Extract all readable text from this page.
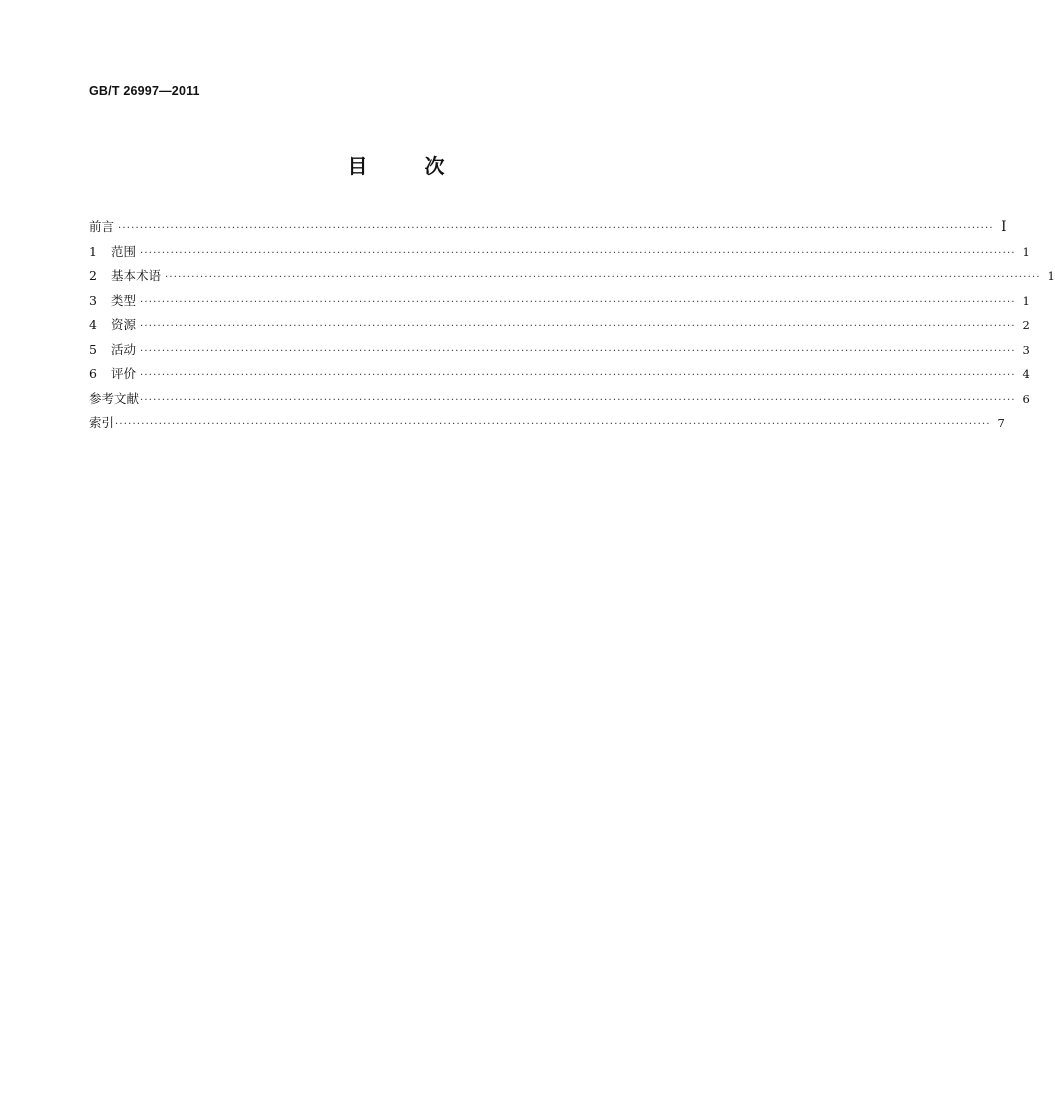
GB/T 26997—2011
目	次
前言 ········································································································································································································ I
1	范围 ········································································································································································································ 1
2	基本术语 ········································································································································································································ 1
3	类型 ········································································································································································································ 1
4	资源 ········································································································································································································ 2
5	活动 ········································································································································································································ 3
6	评价 ········································································································································································································ 4
参考文献 ········································································································································································································ 6
索引 ········································································································································································································ 7
